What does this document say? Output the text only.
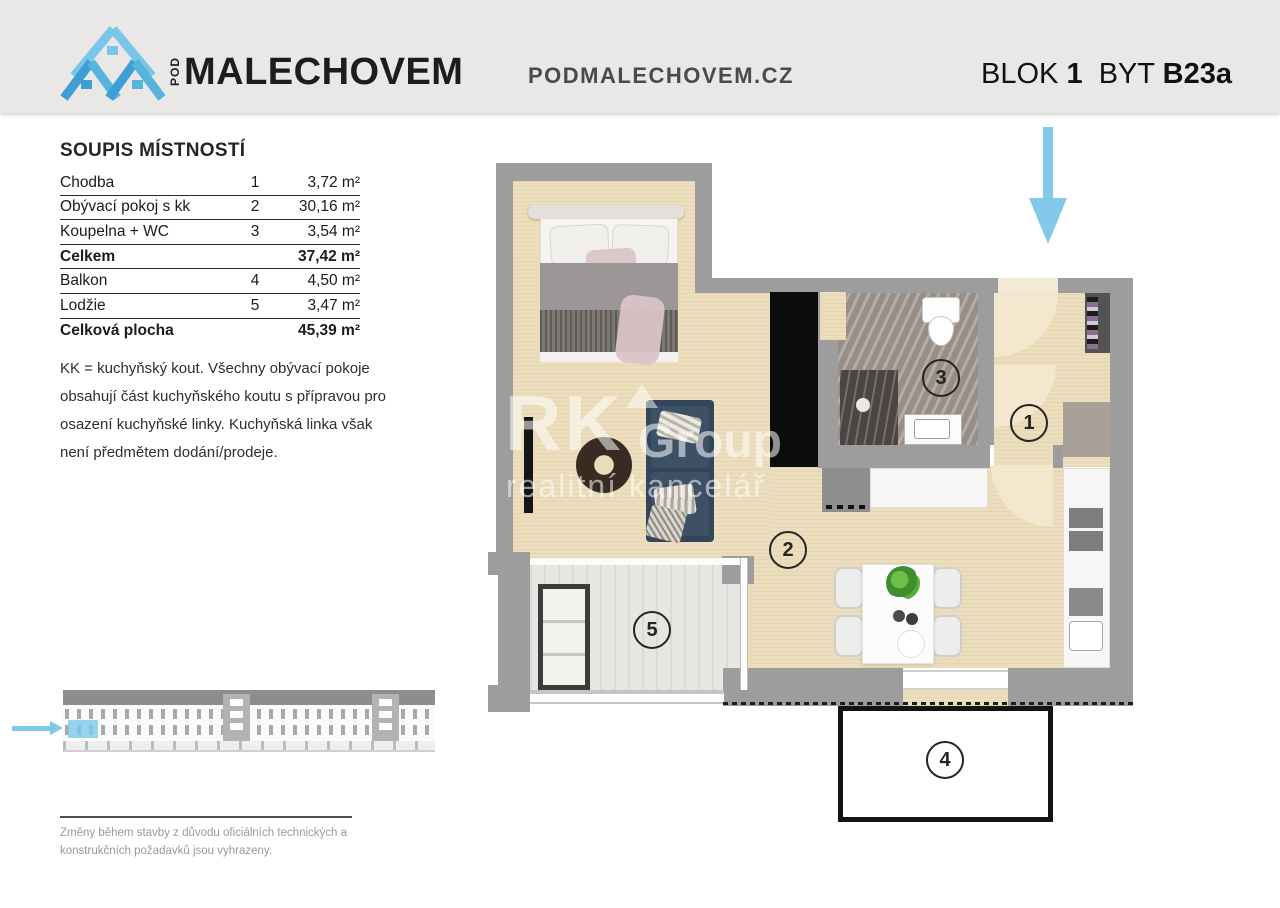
POD MALECHOVEM	PODMALECHOVEM.CZ	BLOK 1 BYT B23a
SOUPIS MÍSTNOSTÍ
Chodba	1	3,72 m²
Obývací pokoj s kk	2	30,16 m²
Koupelna + WC	3	3,54 m²
Celkem	37,42 m²
Balkon	4	4,50 m²
Lodžie	5	3,47 m²
Celková plocha	45,39 m²
KK = kuchyňský kout. Všechny obývací pokoje obsahují část kuchyňského koutu s přípravou pro osazení kuchyňské linky. Kuchyňská linka však není předmětem dodání/prodeje.
Změny během stavby z důvodu oficiálních technických a konstrukčních požadavků jsou vyhrazeny.
RK Group
realitní kancelář
1
2
3
4
5
